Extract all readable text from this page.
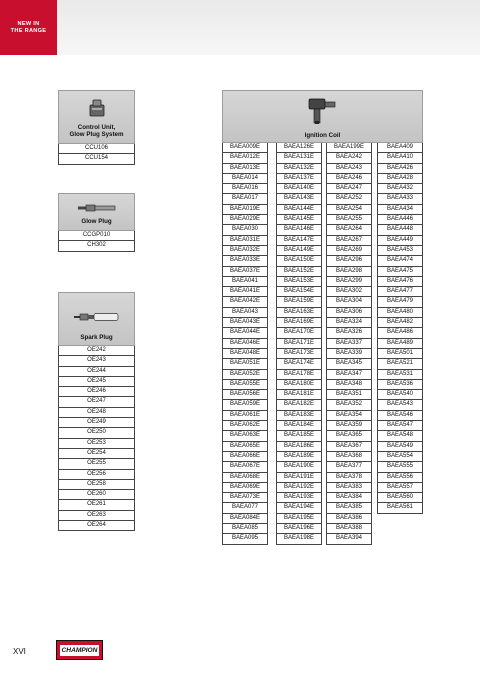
NEW IN
THE RANGE
Control Unit,
Glow Plug System
CCU106
CCU154
Glow Plug
CCGP010
CH302
Spark Plug
OE242
OE243
OE244
OE245
OE246
OE247
OE248
OE249
OE250
OE253
OE254
OE255
OE256
OE258
OE260
OE261
OE263
OE264
Ignition Coil
BAEA009E
BAEA012E
BAEA013E
BAEA014
BAEA016
BAEA017
BAEA019E
BAEA029E
BAEA030
BAEA031E
BAEA032E
BAEA033E
BAEA037E
BAEA041
BAEA041E
BAEA042E
BAEA043
BAEA043E
BAEA044E
BAEA046E
BAEA048E
BAEA051E
BAEA052E
BAEA055E
BAEA056E
BAEA059E
BAEA061E
BAEA062E
BAEA063E
BAEA065E
BAEA066E
BAEA067E
BAEA068E
BAEA069E
BAEA073E
BAEA077
BAEA084E
BAEA085
BAEA095
BAEA126E
BAEA131E
BAEA132E
BAEA137E
BAEA140E
BAEA143E
BAEA144E
BAEA145E
BAEA146E
BAEA147E
BAEA149E
BAEA150E
BAEA152E
BAEA153E
BAEA154E
BAEA159E
BAEA163E
BAEA169E
BAEA170E
BAEA171E
BAEA173E
BAEA174E
BAEA178E
BAEA180E
BAEA181E
BAEA182E
BAEA183E
BAEA184E
BAEA185E
BAEA186E
BAEA189E
BAEA190E
BAEA191E
BAEA192E
BAEA193E
BAEA194E
BAEA195E
BAEA196E
BAEA198E
BAEA199E
BAEA242
BAEA243
BAEA246
BAEA247
BAEA252
BAEA254
BAEA255
BAEA264
BAEA267
BAEA269
BAEA296
BAEA298
BAEA299
BAEA302
BAEA304
BAEA306
BAEA324
BAEA326
BAEA337
BAEA339
BAEA345
BAEA347
BAEA348
BAEA351
BAEA352
BAEA354
BAEA359
BAEA365
BAEA367
BAEA368
BAEA377
BAEA378
BAEA383
BAEA384
BAEA385
BAEA386
BAEA388
BAEA394
BAEA409
BAEA410
BAEA426
BAEA428
BAEA432
BAEA433
BAEA434
BAEA446
BAEA448
BAEA449
BAEA453
BAEA474
BAEA475
BAEA476
BAEA477
BAEA479
BAEA480
BAEA482
BAEA486
BAEA489
BAEA501
BAEA521
BAEA531
BAEA536
BAEA540
BAEA543
BAEA546
BAEA547
BAEA548
BAEA549
BAEA554
BAEA555
BAEA556
BAEA557
BAEA560
BAEA561
XVI	CHAMPION
